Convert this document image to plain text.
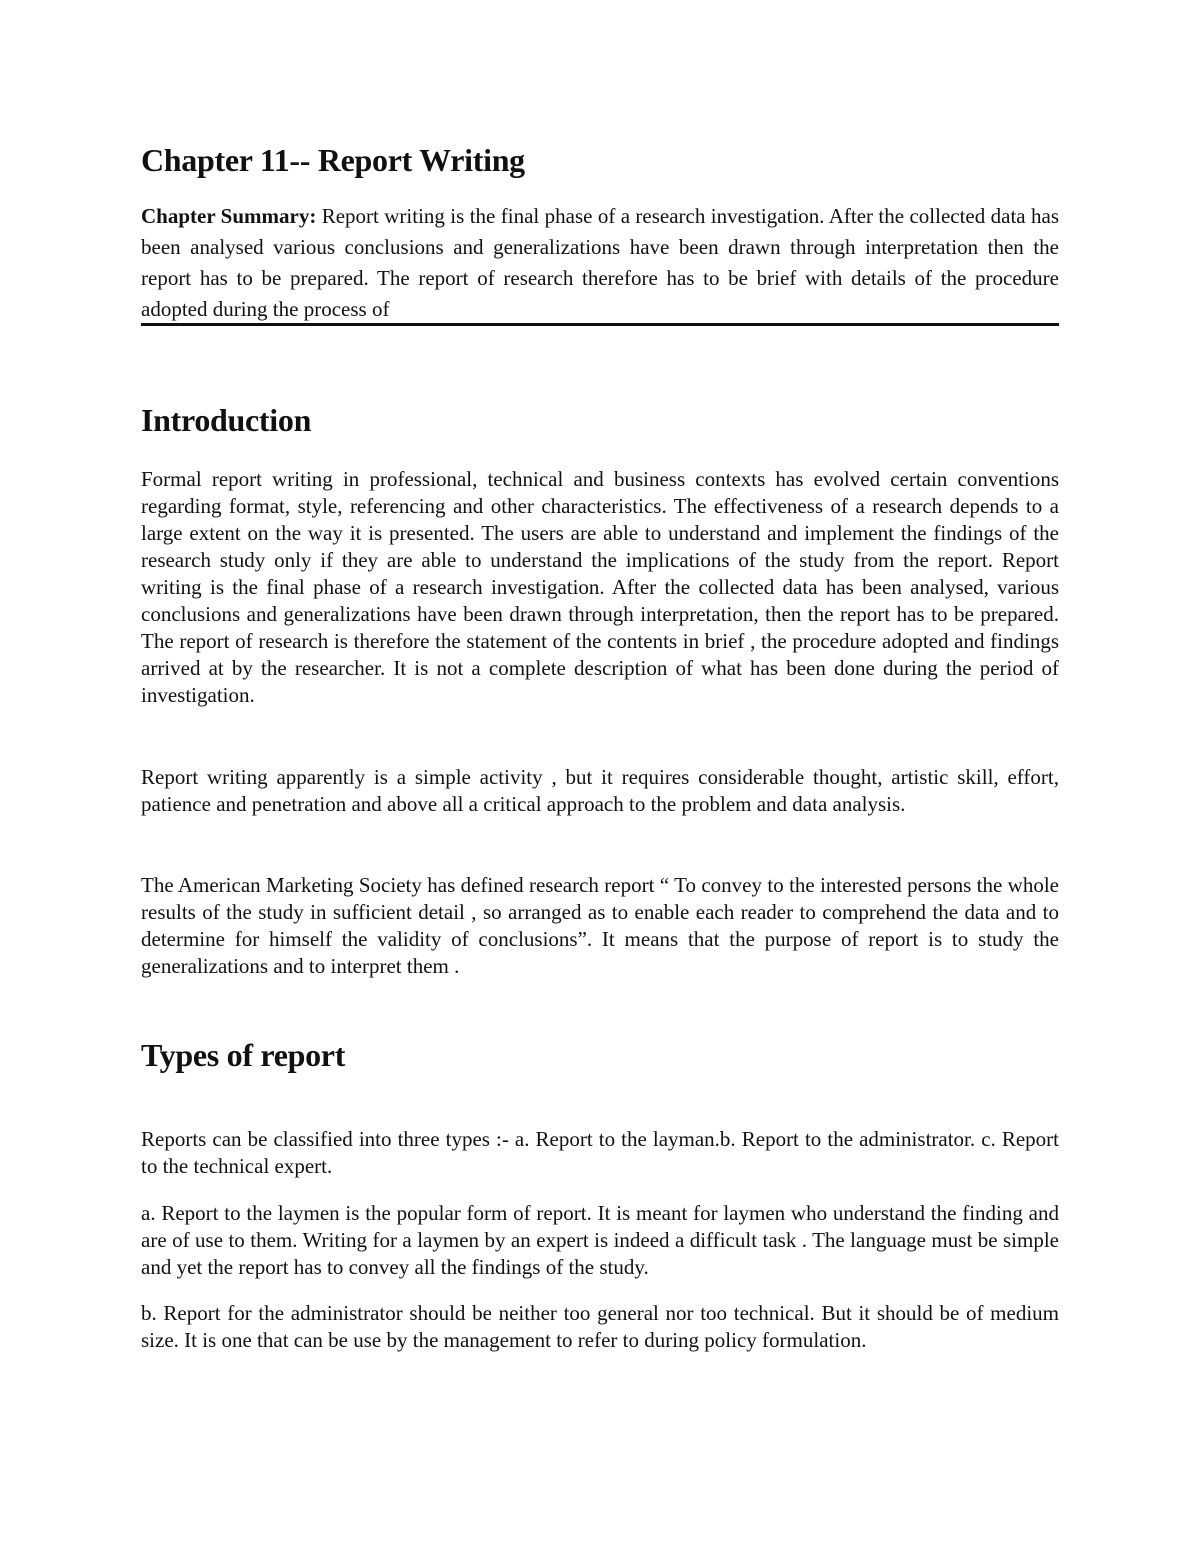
Chapter 11-- Report Writing

Chapter Summary: Report writing is the final phase of a research investigation. After the collected data has been analysed various conclusions and generalizations have been drawn through interpretation then the report has to be prepared. The report of research therefore has to be brief with details of the procedure adopted during the process of

Introduction

Formal report writing in professional, technical and business contexts has evolved certain conventions regarding format, style, referencing and other characteristics. The effectiveness of a research depends to a large extent on the way it is presented. The users are able to understand and implement the findings of the research study only if they are able to understand the implications of the study from the report. Report writing is the final phase of a research investigation. After the collected data has been analysed, various conclusions and generalizations have been drawn through interpretation, then the report has to be prepared. The report of research is therefore the statement of the contents in brief , the procedure adopted and findings arrived at by the researcher. It is not a complete description of what has been done during the period of investigation.

Report writing apparently is a simple activity , but it requires considerable thought, artistic skill, effort, patience and penetration and above all a critical approach to the problem and data analysis.

The American Marketing Society has defined research report “ To convey to the interested persons the whole results of the study in sufficient detail , so arranged as to enable each reader to comprehend the data and to determine for himself the validity of conclusions”. It means that the purpose of report is to study the generalizations and to interpret them .

Types of report

Reports can be classified into three types :- a. Report to the layman.b. Report to the administrator. c. Report to the technical expert.

a. Report to the laymen is the popular form of report. It is meant for laymen who understand the finding and are of use to them. Writing for a laymen by an expert is indeed a difficult task . The language must be simple and yet the report has to convey all the findings of the study.

b. Report for the administrator should be neither too general nor too technical. But it should be of medium size. It is one that can be use by the management to refer to during policy formulation.
